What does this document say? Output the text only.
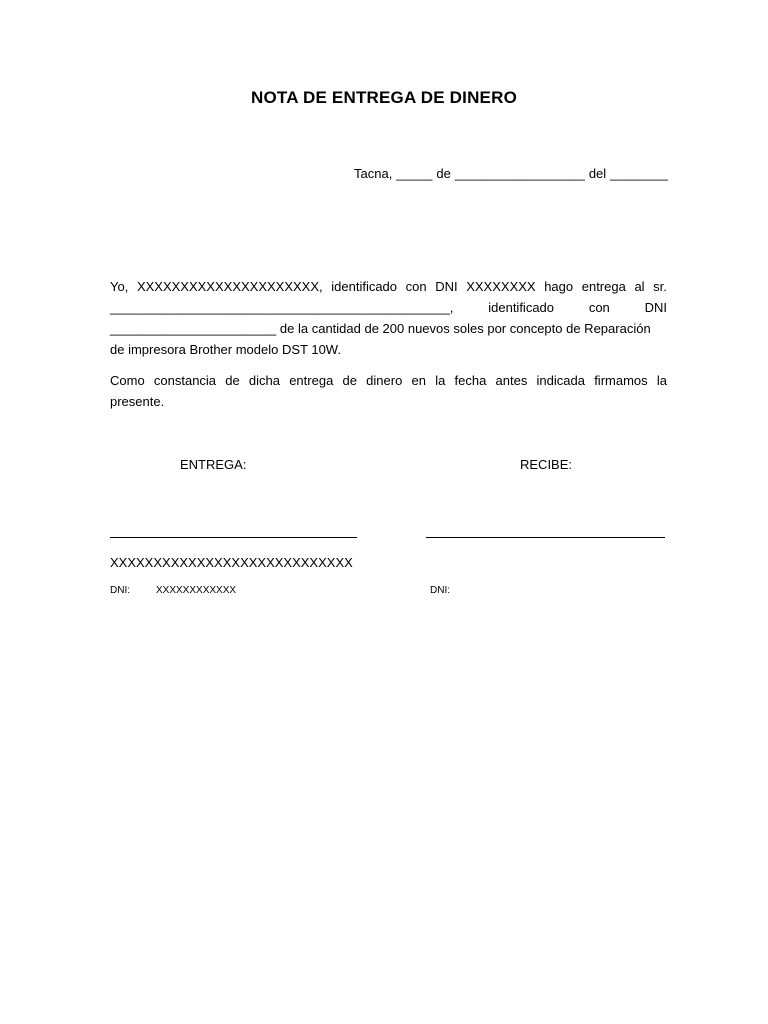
NOTA DE ENTREGA DE DINERO
Tacna, _____ de __________________ del ________
Yo, XXXXXXXXXXXXXXXXXXXXX, identificado con DNI XXXXXXXX hago entrega al sr.
_______________________________________________,	identificado	con	DNI
_______________________ de la cantidad de 200 nuevos soles por concepto de Reparación
de impresora Brother modelo DST 10W.
Como constancia de dicha entrega de dinero en la fecha antes indicada firmamos la
presente.
ENTREGA:	RECIBE:
XXXXXXXXXXXXXXXXXXXXXXXXXXXX
DNI:	XXXXXXXXXXXX	DNI:
